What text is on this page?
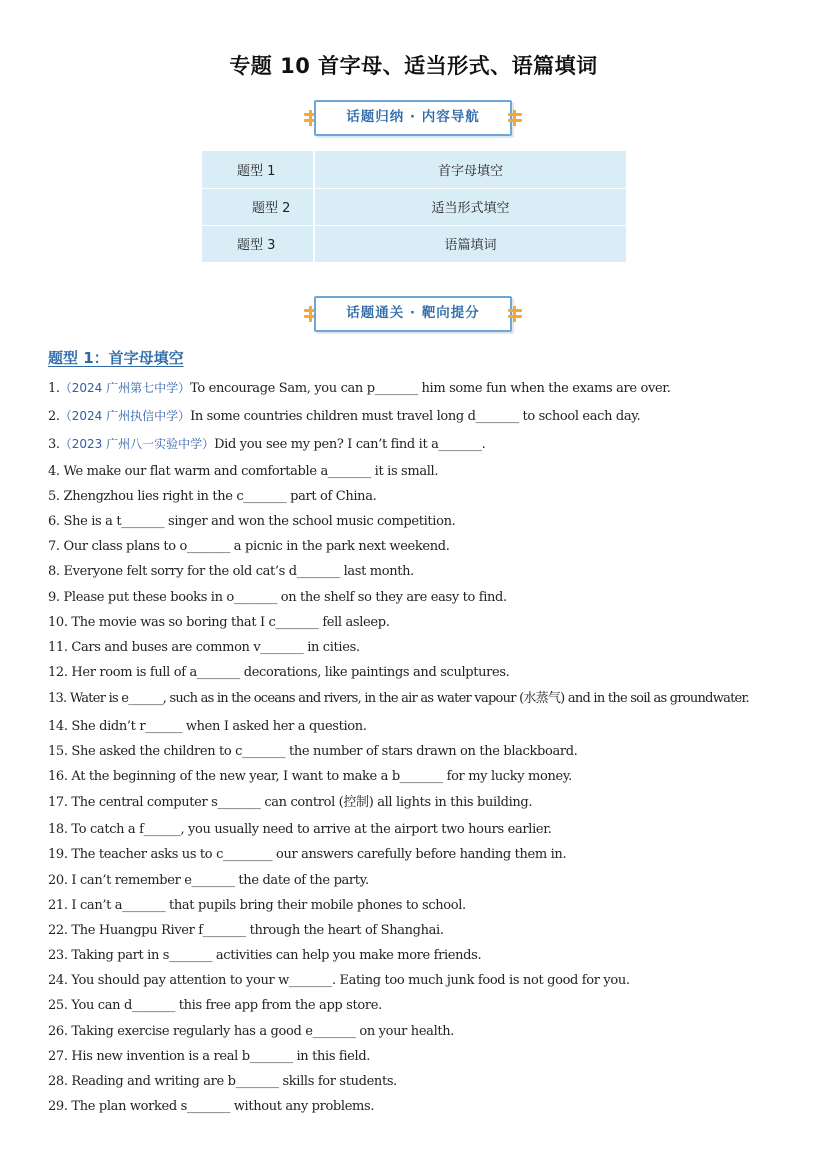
专题 10 首字母、适当形式、语篇填词
话题归纳 · 内容导航
题型 1	首字母填空
题型 2	适当形式填空
题型 3	语篇填词
话题通关 · 靶向提分
题型 1：首字母填空
1.（2024 广州第七中学）To encourage Sam, you can p_______ him some fun when the exams are over.
2.（2024 广州执信中学）In some countries children must travel long d_______ to school each day.
3.（2023 广州八一实验中学）Did you see my pen? I can’t find it a_______.
4. We make our flat warm and comfortable a_______ it is small.
5. Zhengzhou lies right in the c_______ part of China.
6. She is a t_______ singer and won the school music competition.
7. Our class plans to o_______ a picnic in the park next weekend.
8. Everyone felt sorry for the old cat’s d_______ last month.
9. Please put these books in o_______ on the shelf so they are easy to find.
10. The movie was so boring that I c_______ fell asleep.
11. Cars and buses are common v_______ in cities.
12. Her room is full of a_______ decorations, like paintings and sculptures.
13. Water is e______, such as in the oceans and rivers, in the air as water vapour (水蒸气) and in the soil as groundwater.
14. She didn’t r______ when I asked her a question.
15. She asked the children to c_______ the number of stars drawn on the blackboard.
16. At the beginning of the new year, I want to make a b_______ for my lucky money.
17. The central computer s_______ can control (控制) all lights in this building.
18. To catch a f______, you usually need to arrive at the airport two hours earlier.
19. The teacher asks us to c________ our answers carefully before handing them in.
20. I can’t remember e_______ the date of the party.
21. I can’t a_______ that pupils bring their mobile phones to school.
22. The Huangpu River f_______ through the heart of Shanghai.
23. Taking part in s_______ activities can help you make more friends.
24. You should pay attention to your w_______. Eating too much junk food is not good for you.
25. You can d_______ this free app from the app store.
26. Taking exercise regularly has a good e_______ on your health.
27. His new invention is a real b_______ in this field.
28. Reading and writing are b_______ skills for students.
29. The plan worked s_______ without any problems.
